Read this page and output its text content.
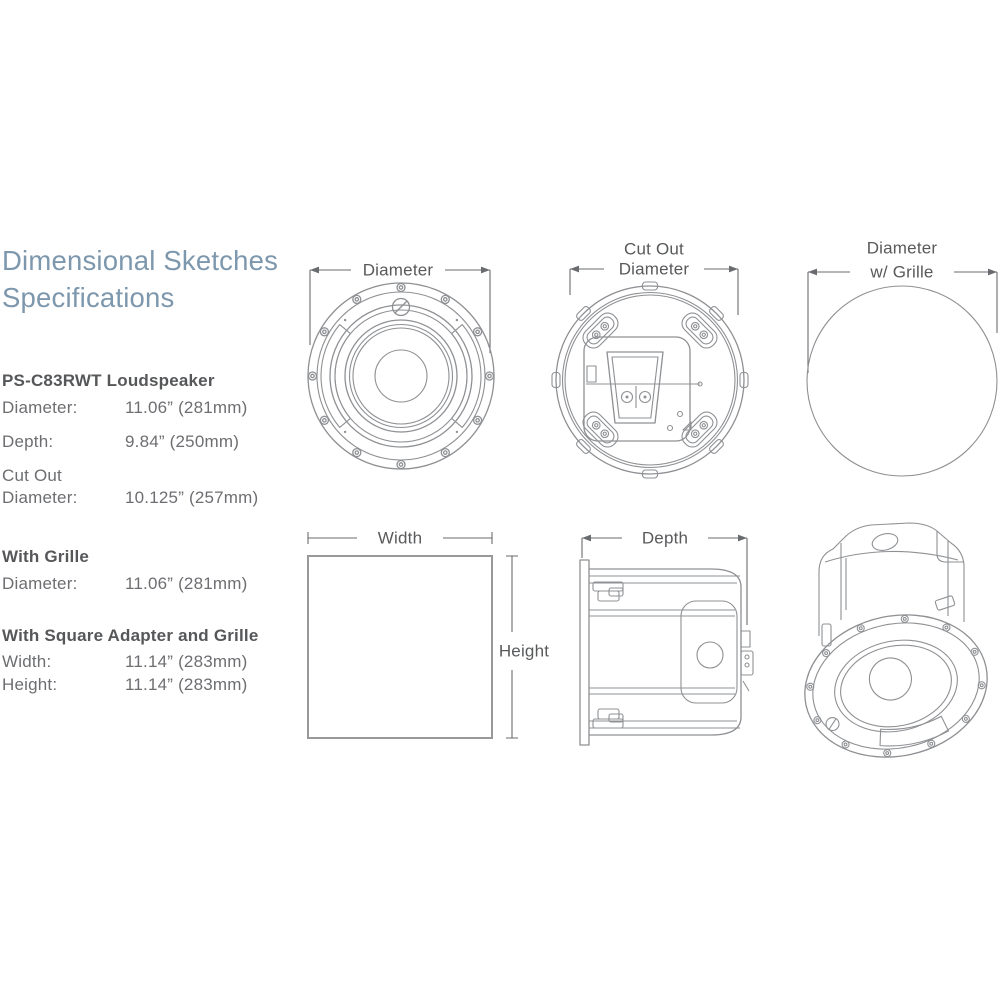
Dimensional Sketches
Specifications
PS-C83RWT Loudspeaker
Diameter:	11.06” (281mm)
Depth:	9.84” (250mm)
Cut Out
Diameter:	10.125” (257mm)
With Grille
Diameter:	11.06” (281mm)
With Square Adapter and Grille
Width:	11.14” (283mm)
Height:	11.14” (283mm)
Diameter
Cut Out
Diameter
Diameter
w/ Grille
Width
Height
Depth
